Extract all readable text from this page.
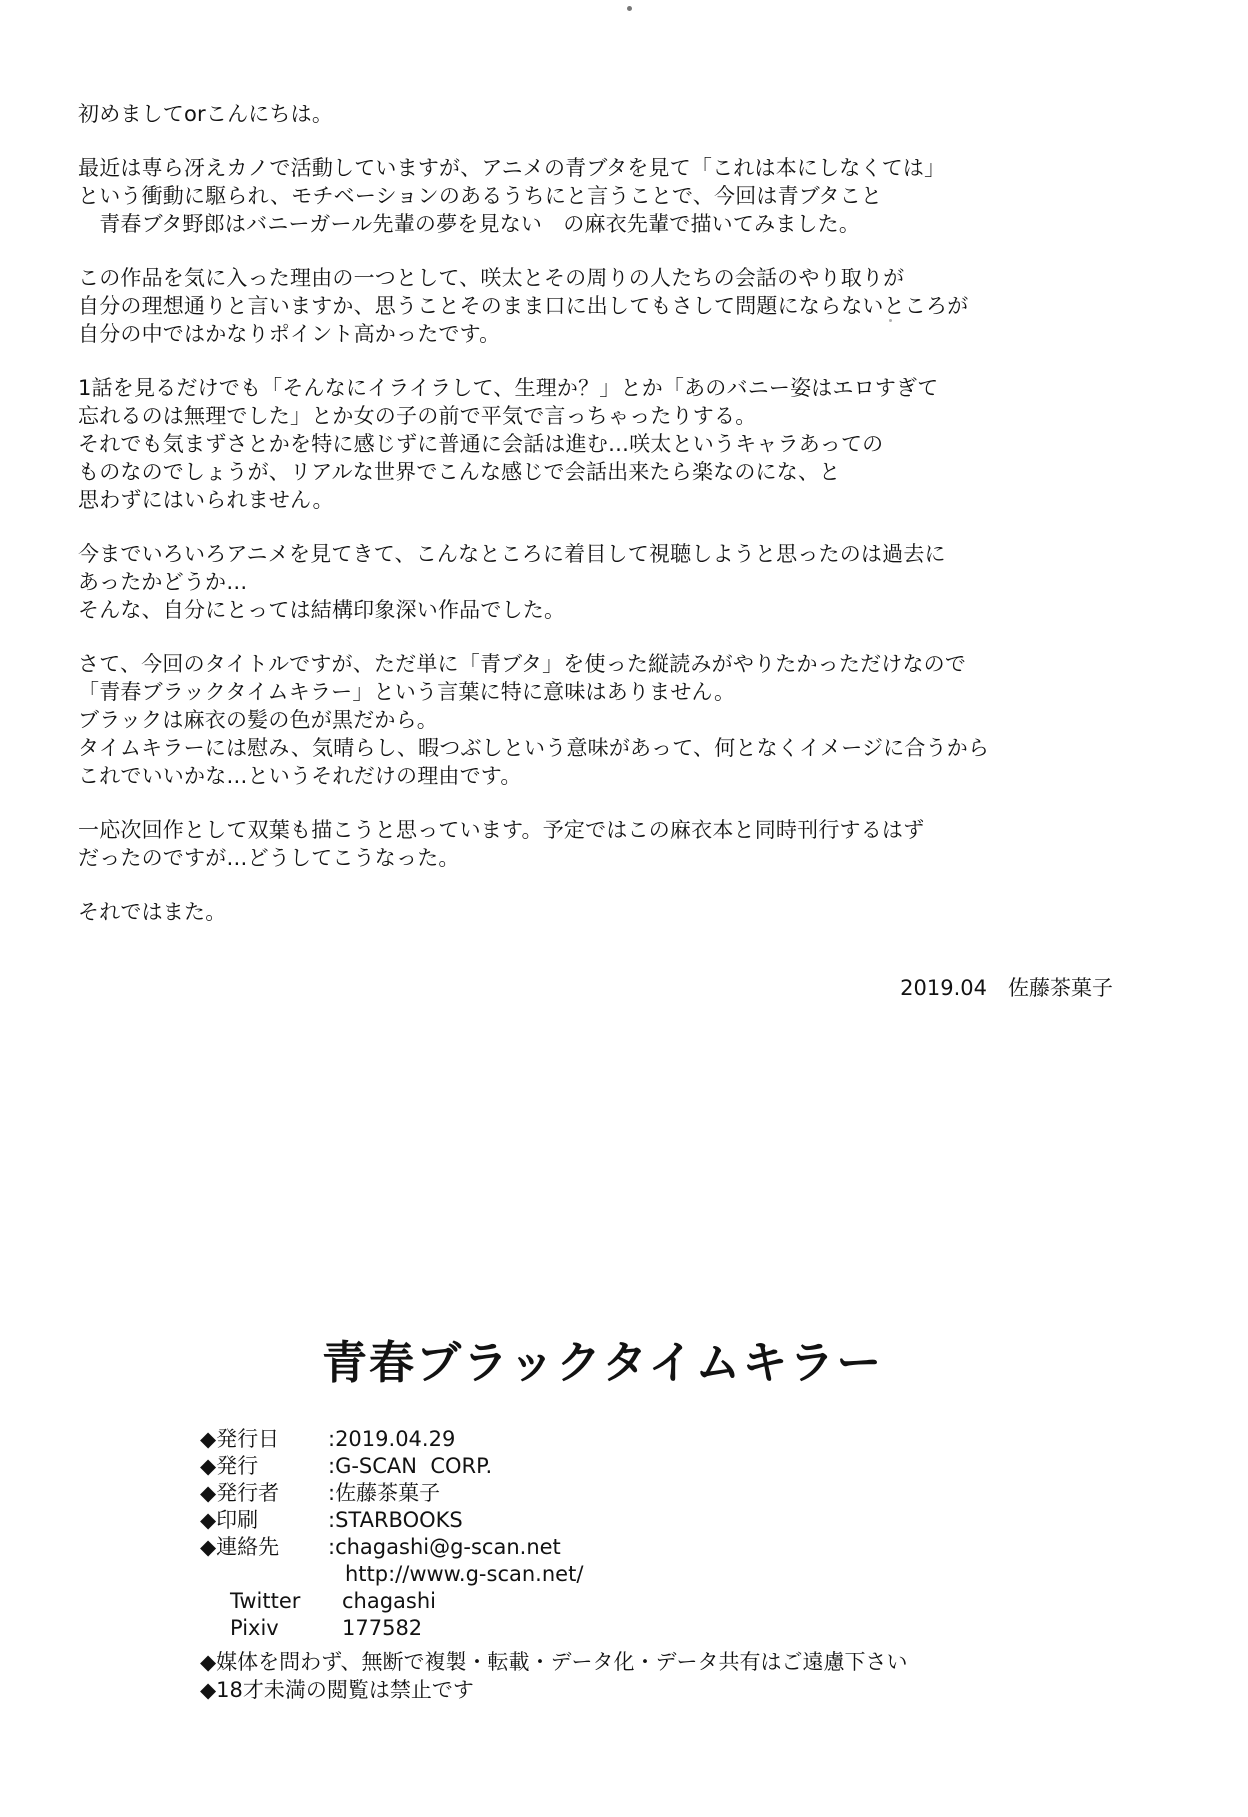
初めましてorこんにちは。

最近は専ら冴えカノで活動していますが、アニメの青ブタを見て「これは本にしなくては」
という衝動に駆られ、モチベーションのあるうちにと言うことで、今回は青ブタこと
　青春ブタ野郎はバニーガール先輩の夢を見ない　の麻衣先輩で描いてみました。

この作品を気に入った理由の一つとして、咲太とその周りの人たちの会話のやり取りが
自分の理想通りと言いますか、思うことそのまま口に出してもさして問題にならないところが
自分の中ではかなりポイント高かったです。

1話を見るだけでも「そんなにイライラして、生理か？」とか「あのバニー姿はエロすぎて
忘れるのは無理でした」とか女の子の前で平気で言っちゃったりする。
それでも気まずさとかを特に感じずに普通に会話は進む…咲太というキャラあっての
ものなのでしょうが、リアルな世界でこんな感じで会話出来たら楽なのにな、と
思わずにはいられません。

今までいろいろアニメを見てきて、こんなところに着目して視聴しようと思ったのは過去に
あったかどうか…
そんな、自分にとっては結構印象深い作品でした。

さて、今回のタイトルですが、ただ単に「青ブタ」を使った縦読みがやりたかっただけなので
「青春ブラックタイムキラー」という言葉に特に意味はありません。
ブラックは麻衣の髪の色が黒だから。
タイムキラーには慰み、気晴らし、暇つぶしという意味があって、何となくイメージに合うから
これでいいかな…というそれだけの理由です。

一応次回作として双葉も描こうと思っています。予定ではこの麻衣本と同時刊行するはず
だったのですが…どうしてこうなった。

それではまた。

2019.04　佐藤茶菓子
青春ブラックタイムキラー
◆発行日	:2019.04.29
◆発行	:G-SCAN  CORP.
◆発行者	:佐藤茶菓子
◆印刷	:STARBOOKS
◆連絡先	:chagashi@g-scan.net
http://www.g-scan.net/
Twitter	chagashi
Pixiv	177582
◆媒体を問わず、無断で複製・転載・データ化・データ共有はご遠慮下さい
◆18才未満の閲覧は禁止です
